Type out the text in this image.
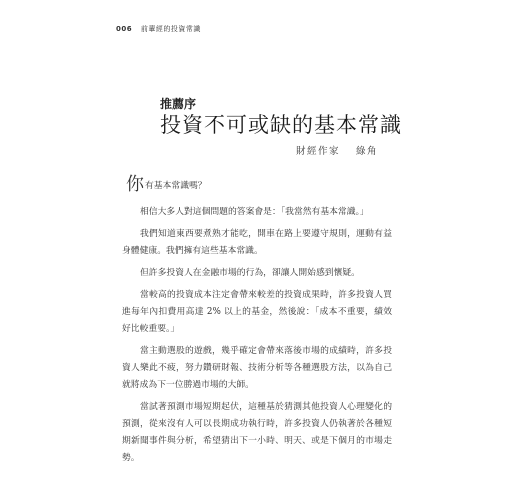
006 前輩經的投資常識
推薦序
投資不可或缺的基本常識
財經作家 綠角

你有基本常識嗎？

相信大多人對這個問題的答案會是：「我當然有基本常識。」

我們知道東西要煮熟才能吃，開車在路上要遵守規則，運動有益身體健康。我們擁有這些基本常識。

但許多投資人在金融市場的行為，卻讓人開始感到懷疑。

當較高的投資成本注定會帶來較差的投資成果時，許多投資人買進每年內扣費用高達 2% 以上的基金，然後說：「成本不重要，績效好比較重要。」

當主動選股的遊戲，幾乎確定會帶來落後市場的成績時，許多投資人樂此不疲，努力鑽研財報、技術分析等各種選股方法，以為自己就將成為下一位勝過市場的大師。

當試著預測市場短期起伏，這種基於猜測其他投資人心理變化的預測，從來沒有人可以長期成功執行時，許多投資人仍執著於各種短期新聞事件與分析，希望猜出下一小時、明天、或是下個月的市場走勢。
